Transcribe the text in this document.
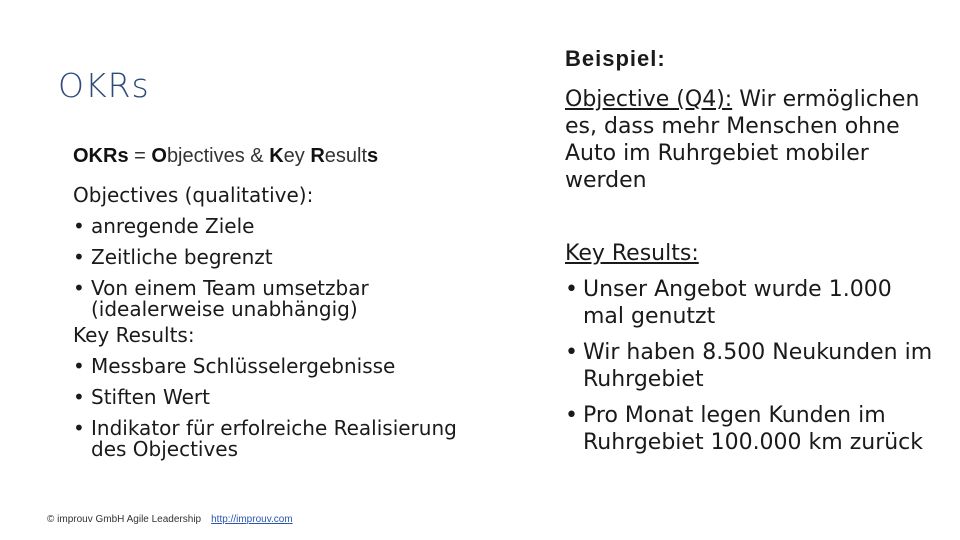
OKRs
OKRs = Objectives & Key Results
Objectives (qualitative):
• anregende Ziele
• Zeitliche begrenzt
• Von einem Team umsetzbar
(idealerweise unabhängig)
Key Results:
• Messbare Schlüsselergebnisse
• Stiften Wert
• Indikator für erfolreiche Realisierung
des Objectives
Beispiel:
Objective (Q4): Wir ermöglichen es, dass mehr Menschen ohne Auto im Ruhrgebiet mobiler werden
Key Results:
• Unser Angebot wurde 1.000 mal genutzt
• Wir haben 8.500 Neukunden im Ruhrgebiet
• Pro Monat legen Kunden im Ruhrgebiet 100.000 km zurück
© improuv GmbH Agile Leadership http://improuv.com
